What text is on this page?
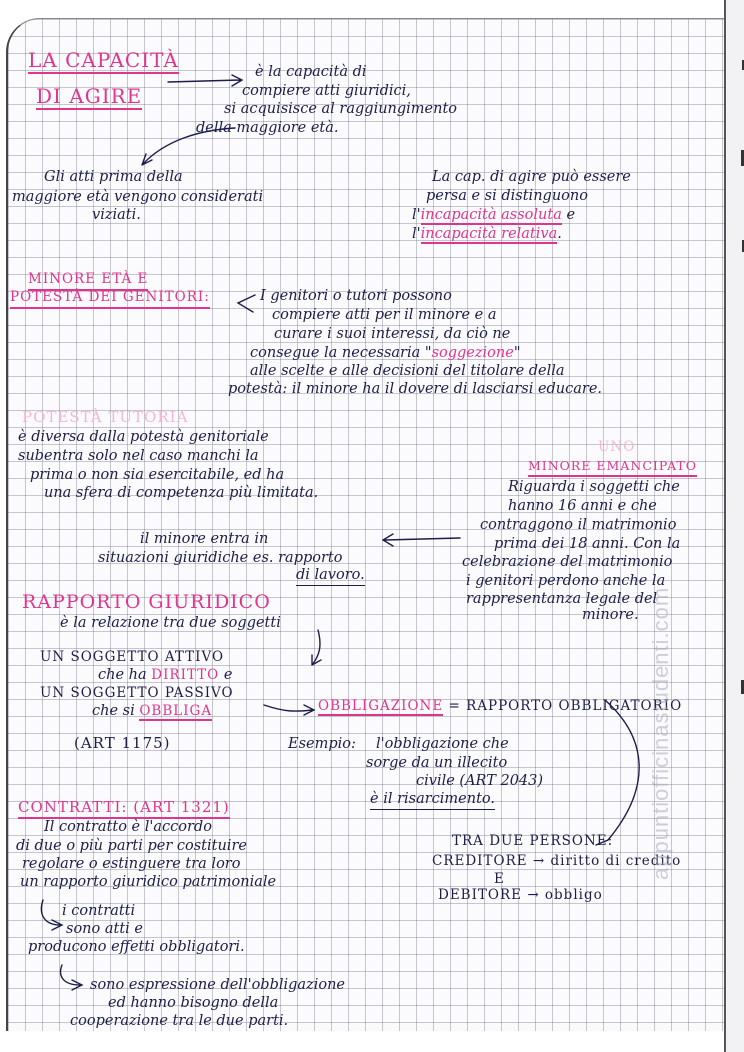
LA CAPACITÀ

DI AGIRE

è la capacità di

compiere atti giuridici,

si acquisisce al raggiungimento

della maggiore età.

Gli atti prima della

maggiore età vengono considerati

viziati.

La cap. di agire può essere

persa e si distinguono

l'incapacità assoluta e

l'incapacità relativa.

MINORE ETÀ E

POTESTÀ DEI GENITORI:	I genitori o tutori possono

compiere atti per il minore e a

curare i suoi interessi, da ciò ne

consegue la necessaria "soggezione"

alle scelte e alle decisioni del titolare della

potestà: il minore ha il dovere di lasciarsi educare.

POTESTÀ TUTORIA

è diversa dalla potestà genitoriale

subentra solo nel caso manchi la

prima o non sia esercitabile, ed ha

una sfera di competenza più limitata.

UNO

MINORE EMANCIPATO

Riguarda i soggetti che

hanno 16 anni e che

contraggono il matrimonio

prima dei 18 anni. Con la

celebrazione del matrimonio

i genitori perdono anche la

rappresentanza legale del

minore.

il minore entra in

situazioni giuridiche es. rapporto

di lavoro.

RAPPORTO GIURIDICO

è la relazione tra due soggetti

UN SOGGETTO ATTIVO

che ha DIRITTO e

UN SOGGETTO PASSIVO

che si OBBLIGA

(ART 1175)

OBBLIGAZIONE = RAPPORTO OBBLIGATORIO

Esempio: l'obbligazione che

sorge da un illecito

civile (ART 2043)

è il risarcimento.

CONTRATTI: (ART 1321)

Il contratto è l'accordo

di due o più parti per costituire

regolare o estinguere tra loro

un rapporto giuridico patrimoniale

i contratti

sono atti e

producono effetti obbligatori.

sono espressione dell'obbligazione

ed hanno bisogno della

cooperazione tra le due parti.

TRA DUE PERSONE:

CREDITORE → diritto di credito

E

DEBITORE → obbligo

appuntiofficinastudenti.com
